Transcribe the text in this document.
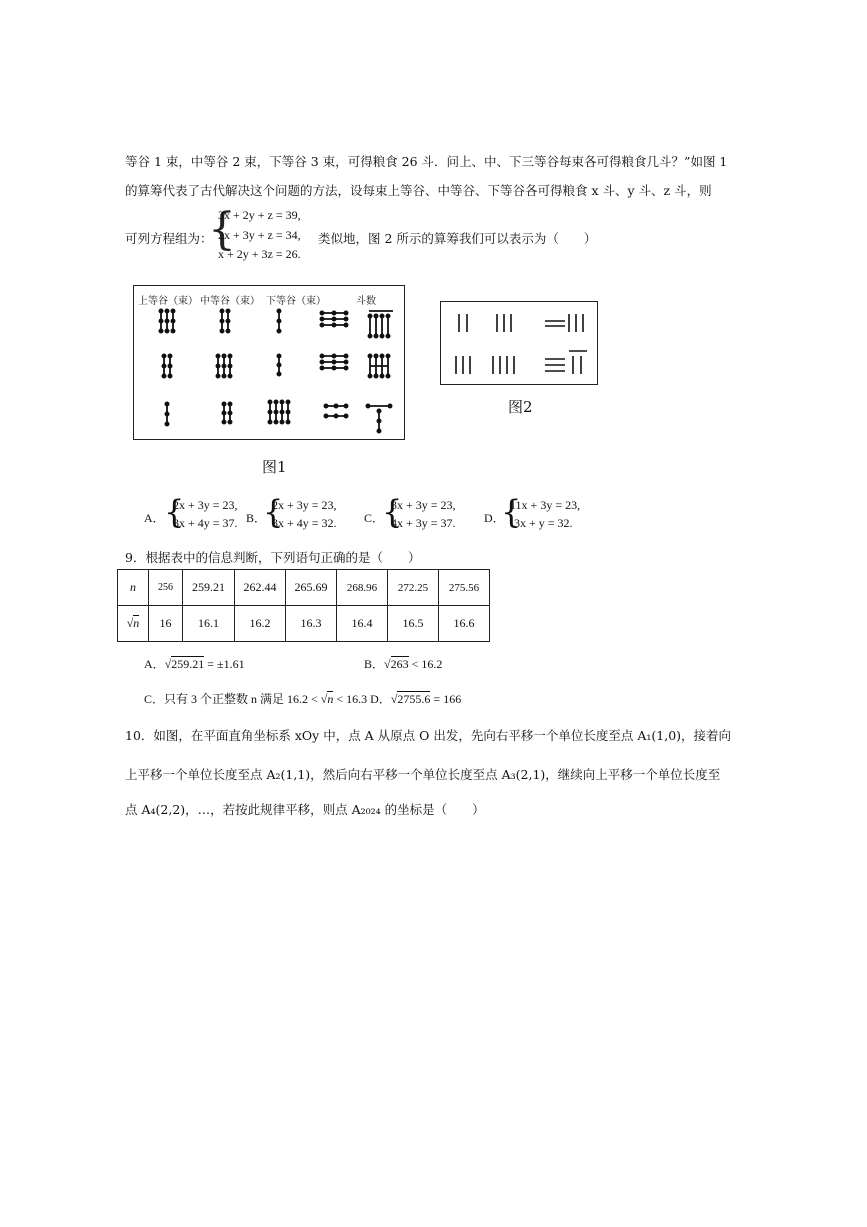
等谷 1 束，中等谷 2 束，下等谷 3 束，可得粮食 26 斗．问上、中、下三等谷每束各可得粮食几斗？”如图 1
的算筹代表了古代解决这个问题的方法，设每束上等谷、中等谷、下等谷各可得粮食 x 斗、y 斗、z 斗，则
可列方程组为：
{
3x + 2y + z = 39,
2x + 3y + z = 34,
x + 2y + 3z = 26.
类似地，图 2 所示的算筹我们可以表示为（　　）
上等谷（束） 中等谷（束） 下等谷（束）	斗数
图1
图2
A． {
2x + 3y = 23,
3x + 4y = 37. B．
{
2x + 3y = 23,
3x + 4y = 32. C．
{
3x + 3y = 23,
4x + 3y = 37. D．
{
11x + 3y = 23,
3x + y = 32.
9．根据表中的信息判断，下列语句正确的是（　　）
n	256	259.21	262.44	265.69	268.96	272.25	275.56
√n	16	16.1	16.2	16.3	16.4	16.5	16.6
A．√259.21 = ±1.61	B．√263 < 16.2
C．只有 3 个正整数 n 满足 16.2 < √n < 16.3 D．√2755.6 = 166
10．如图，在平面直角坐标系 xOy 中，点 A 从原点 O 出发，先向右平移一个单位长度至点 A₁(1,0)，接着向
上平移一个单位长度至点 A₂(1,1)，然后向右平移一个单位长度至点 A₃(2,1)，继续向上平移一个单位长度至
点 A₄(2,2)，…，若按此规律平移，则点 A₂₀₂₄ 的坐标是（　　）
